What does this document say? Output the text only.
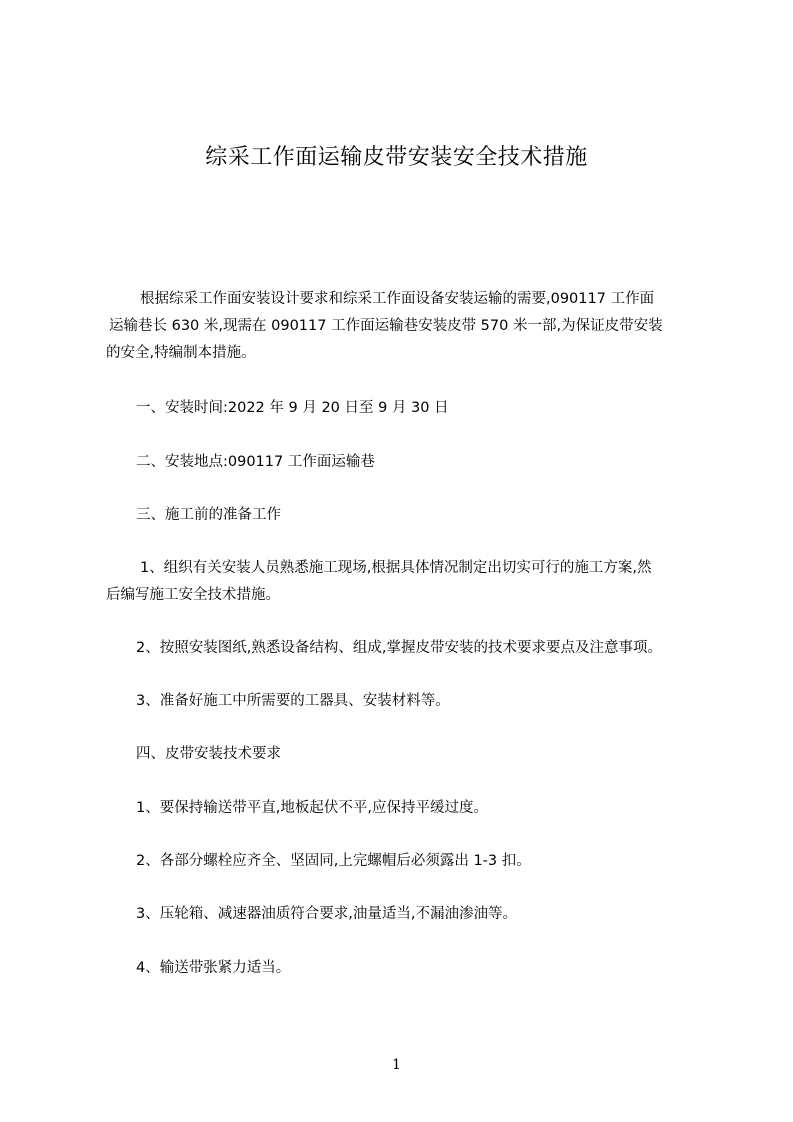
综采工作面运输皮带安装安全技术措施
根据综采工作面安装设计要求和综采工作面设备安装运输的需要,090117 工作面
运输巷长 630 米,现需在 090117 工作面运输巷安装皮带 570 米一部,为保证皮带安装
的安全,特编制本措施。
一、安装时间:2022 年 9 月 20 日至 9 月 30 日
二、安装地点:090117 工作面运输巷
三、施工前的准备工作
1、组织有关安装人员熟悉施工现场,根据具体情况制定出切实可行的施工方案,然
后编写施工安全技术措施。
2、按照安装图纸,熟悉设备结构、组成,掌握皮带安装的技术要求要点及注意事项。
3、准备好施工中所需要的工器具、安装材料等。
四、皮带安装技术要求
1、要保持输送带平直,地板起伏不平,应保持平缓过度。
2、各部分螺栓应齐全、坚固同,上完螺帽后必须露出 1-3 扣。
3、压轮箱、减速器油质符合要求,油量适当,不漏油渗油等。
4、输送带张紧力适当。
1
